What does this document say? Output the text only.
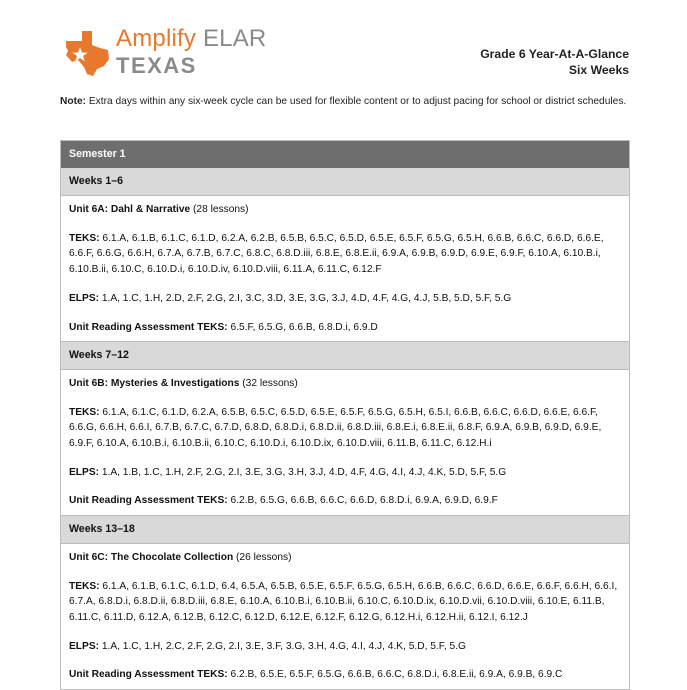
Amplify ELAR
TEXAS	Grade 6 Year-At-A-Glance
Six Weeks
Note: Extra days within any six-week cycle can be used for flexible content or to adjust pacing for school or district schedules.
Semester 1
Weeks 1–6

Unit 6A: Dahl & Narrative (28 lessons)

TEKS: 6.1.A, 6.1.B, 6.1.C, 6.1.D, 6.2.A, 6.2.B, 6.5.B, 6.5.C, 6.5.D, 6.5.E, 6.5.F, 6.5.G, 6.5.H, 6.6.B, 6.6.C, 6.6.D, 6.6.E, 6.6.F, 6.6.G, 6.6.H, 6.7.A, 6.7.B, 6.7.C, 6.8.C, 6.8.D.iii, 6.8.E, 6.8.E.ii, 6.9.A, 6.9.B, 6.9.D, 6.9.E, 6.9.F, 6.10.A, 6.10.B.i, 6.10.B.ii, 6.10.C, 6.10.D.i, 6.10.D.iv, 6.10.D.viii, 6.11.A, 6.11.C, 6.12.F

ELPS: 1.A, 1.C, 1.H, 2.D, 2.F, 2.G, 2.I, 3.C, 3.D, 3.E, 3.G, 3.J, 4.D, 4.F, 4.G, 4.J, 5.B, 5.D, 5.F, 5.G

Unit Reading Assessment TEKS: 6.5.F, 6.5.G, 6.6.B, 6.8.D.i, 6.9.D

Weeks 7–12

Unit 6B: Mysteries & Investigations (32 lessons)

TEKS: 6.1.A, 6.1.C, 6.1.D, 6.2.A, 6.5.B, 6.5.C, 6.5.D, 6.5.E, 6.5.F, 6.5.G, 6.5.H, 6.5.I, 6.6.B, 6.6.C, 6.6.D, 6.6.E, 6.6.F, 6.6.G, 6.6.H, 6.6.I, 6.7.B, 6.7.C, 6.7.D, 6.8.D, 6.8.D.i, 6.8.D.ii, 6.8.D.iii, 6.8.E.i, 6.8.E.ii, 6.8.F, 6.9.A, 6.9.B, 6.9.D, 6.9.E, 6.9.F, 6.10.A, 6.10.B.i, 6.10.B.ii, 6.10.C, 6.10.D.i, 6.10.D.ix, 6.10.D.viii, 6.11.B, 6.11.C, 6.12.H.i

ELPS: 1.A, 1.B, 1.C, 1.H, 2.F, 2.G, 2.I, 3.E, 3.G, 3.H, 3.J, 4.D, 4.F, 4.G, 4.I, 4.J, 4.K, 5.D, 5.F, 5.G

Unit Reading Assessment TEKS: 6.2.B, 6.5.G, 6.6.B, 6.6.C, 6.6.D, 6.8.D.i, 6.9.A, 6.9.D, 6.9.F

Weeks 13–18

Unit 6C: The Chocolate Collection (26 lessons)

TEKS: 6.1.A, 6.1.B, 6.1.C, 6.1.D, 6.4, 6.5.A, 6.5.B, 6.5.E, 6.5.F, 6.5.G, 6.5.H, 6.6.B, 6.6.C, 6.6.D, 6.6.E, 6.6.F, 6.6.H, 6.6.I, 6.7.A, 6.8.D.i, 6.8.D.ii, 6.8.D.iii, 6.8.E, 6.10.A, 6.10.B.i, 6.10.B.ii, 6.10.C, 6.10.D.ix, 6.10.D.vii, 6.10.D.viii, 6.10.E, 6.11.B, 6.11.C, 6.11.D, 6.12.A, 6.12.B, 6.12.C, 6.12.D, 6.12.E, 6.12.F, 6.12.G, 6.12.H.i, 6.12.H.ii, 6.12.I, 6.12.J

ELPS: 1.A, 1.C, 1.H, 2.C, 2.F, 2.G, 2.I, 3.E, 3.F, 3.G, 3.H, 4.G, 4.I, 4.J, 4.K, 5.D, 5.F, 5.G

Unit Reading Assessment TEKS: 6.2.B, 6.5.E, 6.5.F, 6.5.G, 6.6.B, 6.6.C, 6.8.D.i, 6.8.E.ii, 6.9.A, 6.9.B, 6.9.C
